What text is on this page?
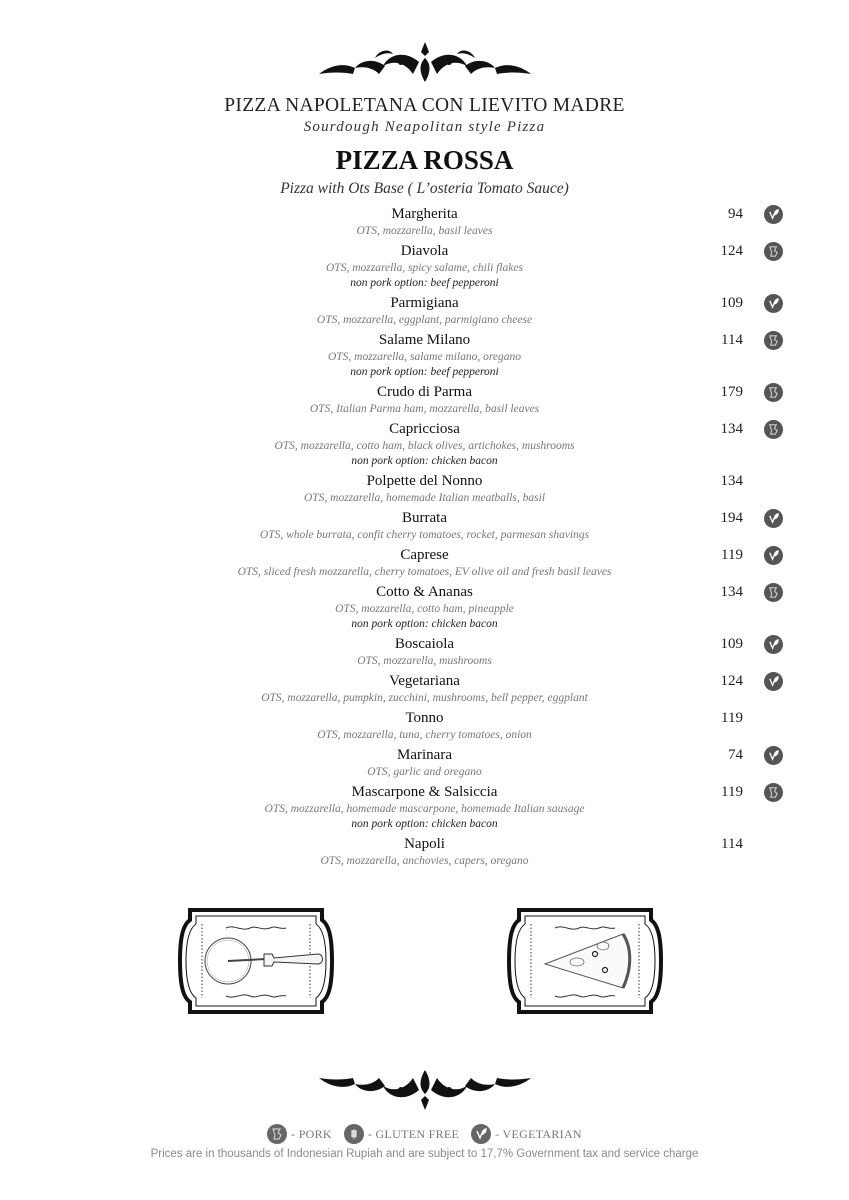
PIZZA NAPOLETANA CON LIEVITO MADRE
Sourdough Neapolitan style Pizza
PIZZA ROSSA
Pizza with Ots Base ( L’osteria Tomato Sauce)
Margherita
OTS, mozzarella, basil leaves
94
Diavola
OTS, mozzarella, spicy salame, chili flakes
non pork option: beef pepperoni
124
Parmigiana
OTS, mozzarella, eggplant, parmigiano cheese
109
Salame Milano
OTS, mozzarella, salame milano, oregano
non pork option: beef pepperoni
114
Crudo di Parma
OTS, Italian Parma ham, mozzarella, basil leaves
179
Capricciosa
OTS, mozzarella, cotto ham, black olives, artichokes, mushrooms
non pork option: chicken bacon
134
Polpette del Nonno
OTS, mozzarella, homemade Italian meatballs, basil
134
Burrata
OTS, whole burrata, confit cherry tomatoes, rocket, parmesan shavings
194
Caprese
OTS, sliced fresh mozzarella, cherry tomatoes, EV olive oil and fresh basil leaves
119
Cotto & Ananas
OTS, mozzarella, cotto ham, pineapple
non pork option: chicken bacon
134
Boscaiola
OTS, mozzarella, mushrooms
109
Vegetariana
OTS, mozzarella, pumpkin, zucchini, mushrooms, bell pepper, eggplant
124
Tonno
OTS, mozzarella, tuna, cherry tomatoes, onion
119
Marinara
OTS, garlic and oregano
74
Mascarpone & Salsiccia
OTS, mozzarella, homemade mascarpone, homemade Italian sausage
non pork option: chicken bacon
119
Napoli
OTS, mozzarella, anchovies, capers, oregano
114
- PORK	- GLUTEN FREE	- VEGETARIAN
Prices are in thousands of Indonesian Rupiah and are subject to 17,7% Government tax and service charge
